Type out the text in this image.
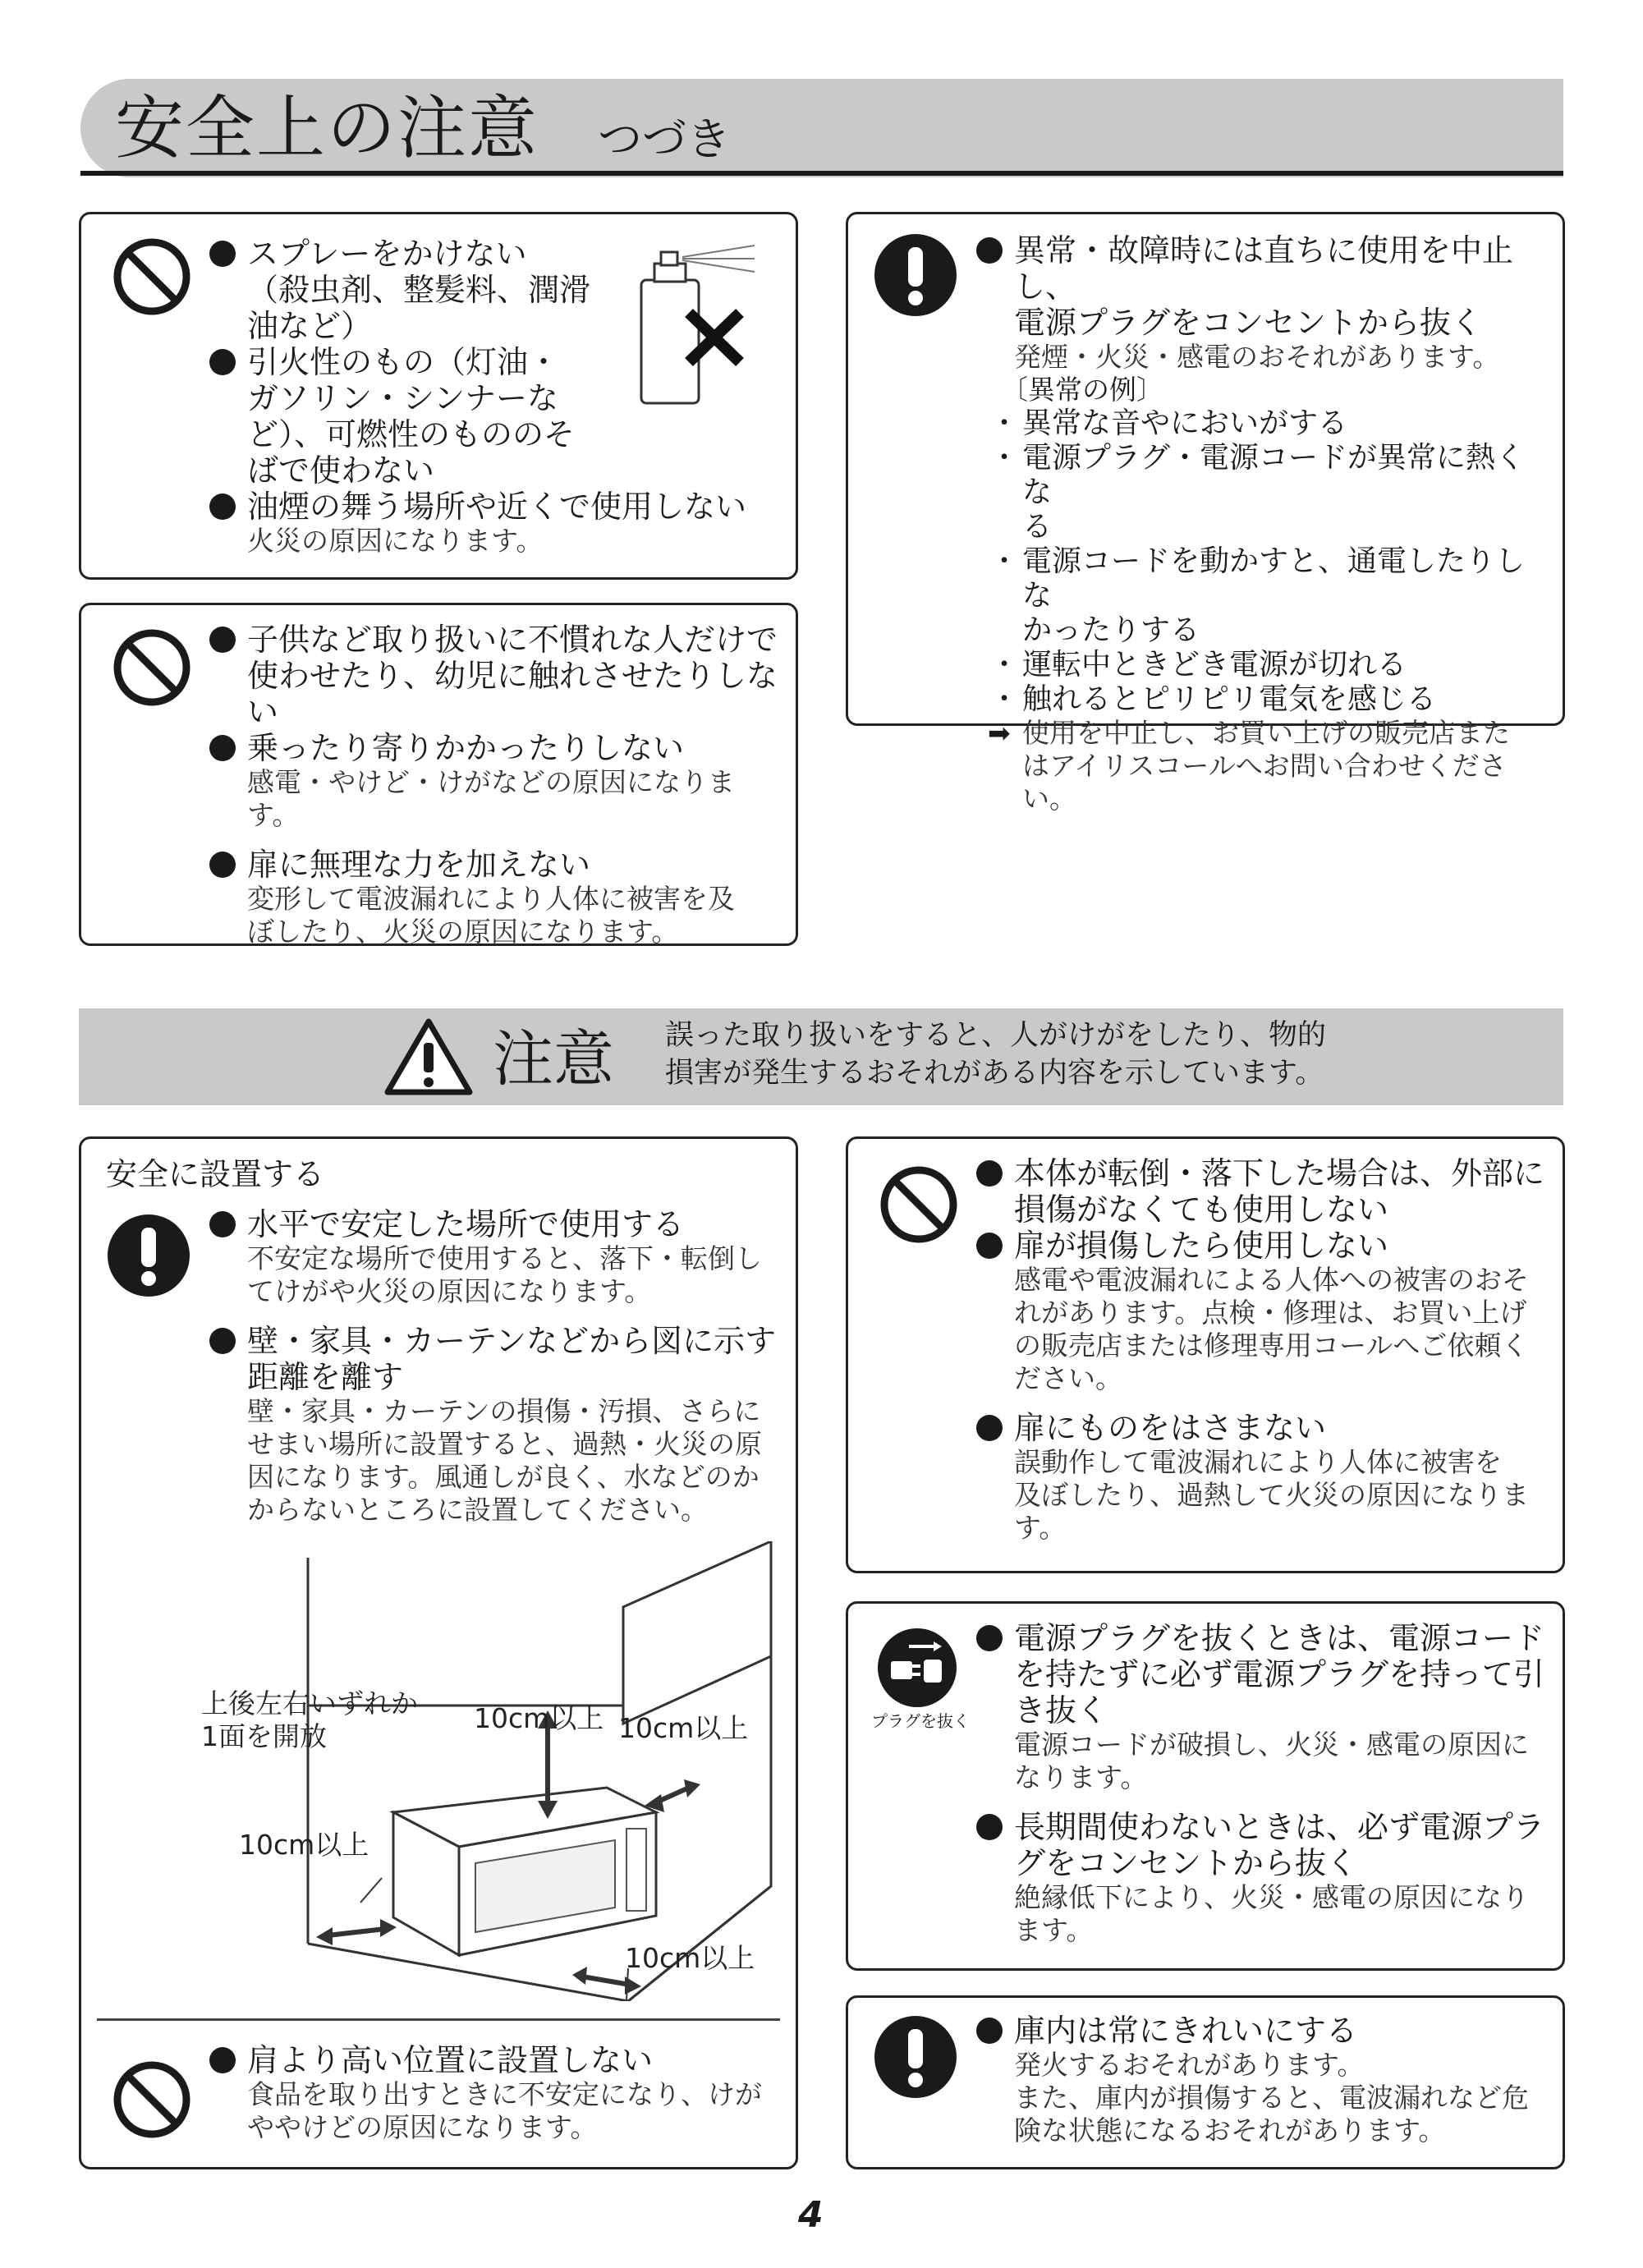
安全上の注意 つづき
スプレーをかけない
（殺虫剤、整髪料、潤滑
油など）
引火性のもの（灯油・
ガソリン・シンナーな
ど）、可燃性のもののそ
ばで使わない
油煙の舞う場所や近くで使用しない
火災の原因になります。
子供など取り扱いに不慣れな人だけで
使わせたり、幼児に触れさせたりしな
い
乗ったり寄りかかったりしない
感電・やけど・けがなどの原因になります。
扉に無理な力を加えない
変形して電波漏れにより人体に被害を及
ぼしたり、火災の原因になります。
異常・故障時には直ちに使用を中止し、
電源プラグをコンセントから抜く
発煙・火災・感電のおそれがあります。
〔異常の例〕
・ 異常な音やにおいがする
・ 電源プラグ・電源コードが異常に熱くな
る
・ 電源コードを動かすと、通電したりしな
かったりする
・ 運転中ときどき電源が切れる
・ 触れるとピリピリ電気を感じる
➡ 使用を中止し、お買い上げの販売店また
はアイリスコールへお問い合わせくださ
い。
注意 誤った取り扱いをすると、人がけがをしたり、物的
損害が発生するおそれがある内容を示しています。
安全に設置する
水平で安定した場所で使用する
不安定な場所で使用すると、落下・転倒し
てけがや火災の原因になります。
壁・家具・カーテンなどから図に示す
距離を離す
壁・家具・カーテンの損傷・汚損、さらに
せまい場所に設置すると、過熱・火災の原
因になります。風通しが良く、水などのか
からないところに設置してください。
上後左右いずれか
1面を開放
10cm以上 10cm以上
10cm以上
10cm以上
肩より高い位置に設置しない
食品を取り出すときに不安定になり、けが
ややけどの原因になります。
本体が転倒・落下した場合は、外部に
損傷がなくても使用しない
扉が損傷したら使用しない
感電や電波漏れによる人体への被害のおそ
れがあります。点検・修理は、お買い上げ
の販売店または修理専用コールへご依頼く
ださい。
扉にものをはさまない
誤動作して電波漏れにより人体に被害を
及ぼしたり、過熱して火災の原因になりま
す。
プラグを抜く
電源プラグを抜くときは、電源コード
を持たずに必ず電源プラグを持って引
き抜く
電源コードが破損し、火災・感電の原因に
なります。
長期間使わないときは、必ず電源プラ
グをコンセントから抜く
絶縁低下により、火災・感電の原因になり
ます。
庫内は常にきれいにする
発火するおそれがあります。
また、庫内が損傷すると、電波漏れなど危
険な状態になるおそれがあります。
4
